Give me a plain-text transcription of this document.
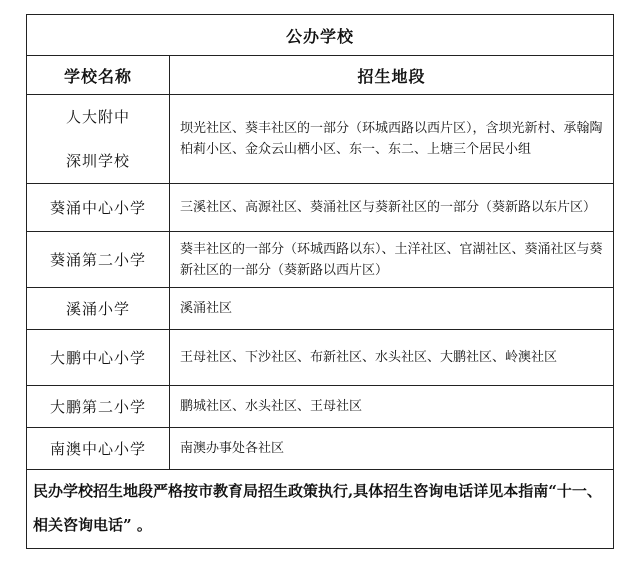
公办学校	
学校名称	招生地段

人大附中
深圳学校	坝光社区、葵丰社区的一部分（环城西路以西片区），含坝光新村、承翰陶柏莉小区、金众云山栖小区、东一、东二、上塘三个居民小组
葵涌中心小学	三溪社区、高源社区、葵涌社区与葵新社区的一部分（葵新路以东片区）
葵涌第二小学	葵丰社区的一部分（环城西路以东）、土洋社区、官湖社区、葵涌社区与葵新社区的一部分（葵新路以西片区）
溪涌小学	溪涌社区
大鹏中心小学	王母社区、下沙社区、布新社区、水头社区、大鹏社区、岭澳社区
大鹏第二小学	鹏城社区、水头社区、王母社区
南澳中心小学	南澳办事处各社区
民办学校招生地段严格按市教育局招生政策执行,具体招生咨询电话详见本指南“十一、相关咨询电话” 。	
